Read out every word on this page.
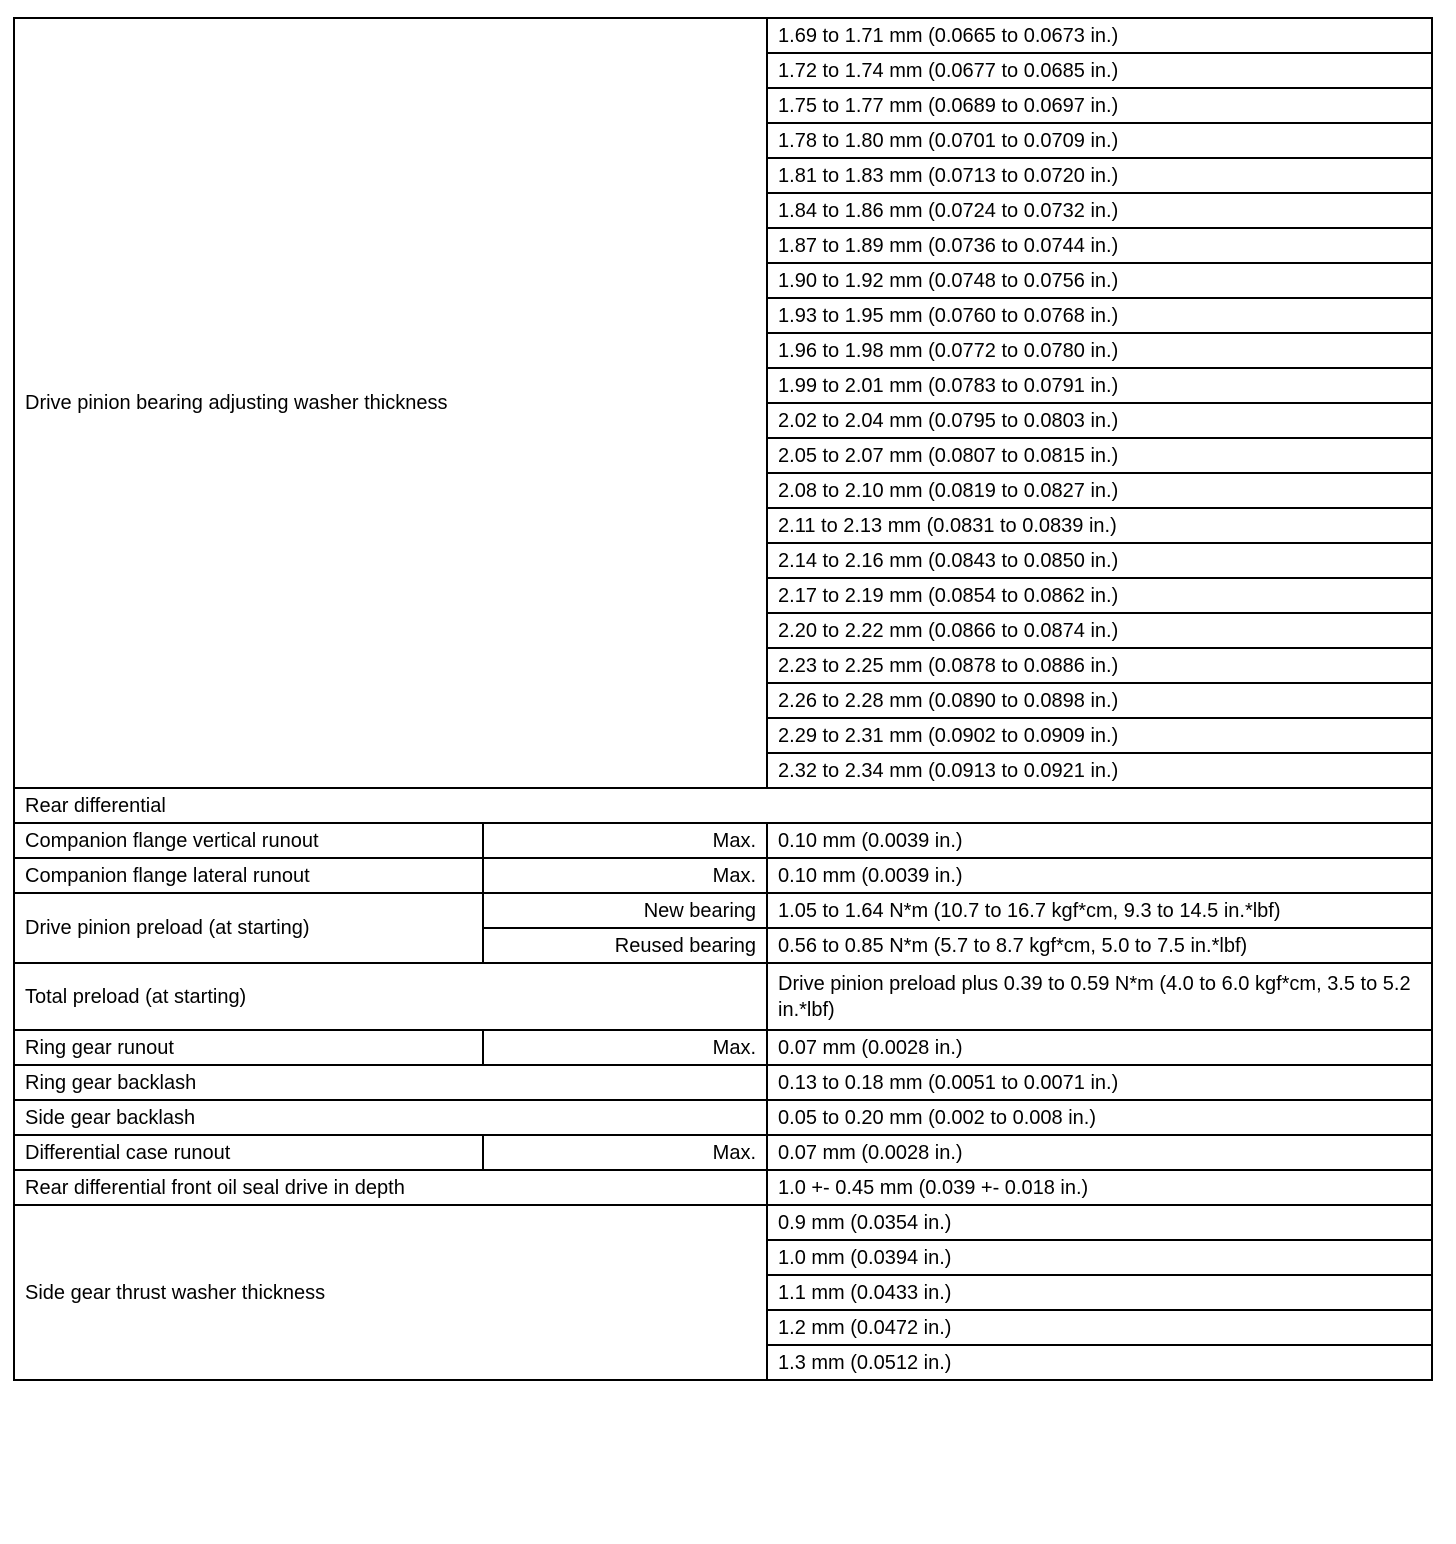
Drive pinion bearing adjusting washer thickness		1.69 to 1.71 mm (0.0665 to 0.0673 in.)
		1.72 to 1.74 mm (0.0677 to 0.0685 in.)
		1.75 to 1.77 mm (0.0689 to 0.0697 in.)
		1.78 to 1.80 mm (0.0701 to 0.0709 in.)
		1.81 to 1.83 mm (0.0713 to 0.0720 in.)
		1.84 to 1.86 mm (0.0724 to 0.0732 in.)
		1.87 to 1.89 mm (0.0736 to 0.0744 in.)
		1.90 to 1.92 mm (0.0748 to 0.0756 in.)
		1.93 to 1.95 mm (0.0760 to 0.0768 in.)
		1.96 to 1.98 mm (0.0772 to 0.0780 in.)
		1.99 to 2.01 mm (0.0783 to 0.0791 in.)
		2.02 to 2.04 mm (0.0795 to 0.0803 in.)
		2.05 to 2.07 mm (0.0807 to 0.0815 in.)
		2.08 to 2.10 mm (0.0819 to 0.0827 in.)
		2.11 to 2.13 mm (0.0831 to 0.0839 in.)
		2.14 to 2.16 mm (0.0843 to 0.0850 in.)
		2.17 to 2.19 mm (0.0854 to 0.0862 in.)
		2.20 to 2.22 mm (0.0866 to 0.0874 in.)
		2.23 to 2.25 mm (0.0878 to 0.0886 in.)
		2.26 to 2.28 mm (0.0890 to 0.0898 in.)
		2.29 to 2.31 mm (0.0902 to 0.0909 in.)
		2.32 to 2.34 mm (0.0913 to 0.0921 in.)
Rear differential		
Companion flange vertical runout	Max.	0.10 mm (0.0039 in.)
Companion flange lateral runout	Max.	0.10 mm (0.0039 in.)
Drive pinion preload (at starting)	New bearing	1.05 to 1.64 N*m (10.7 to 16.7 kgf*cm, 9.3 to 14.5 in.*lbf)
	Reused bearing	0.56 to 0.85 N*m (5.7 to 8.7 kgf*cm, 5.0 to 7.5 in.*lbf)
Total preload (at starting)		Drive pinion preload plus 0.39 to 0.59 N*m (4.0 to 6.0 kgf*cm, 3.5 to 5.2 in.*lbf)
Ring gear runout	Max.	0.07 mm (0.0028 in.)
Ring gear backlash		0.13 to 0.18 mm (0.0051 to 0.0071 in.)
Side gear backlash		0.05 to 0.20 mm (0.002 to 0.008 in.)
Differential case runout	Max.	0.07 mm (0.0028 in.)
Rear differential front oil seal drive in depth		1.0 +- 0.45 mm (0.039 +- 0.018 in.)
Side gear thrust washer thickness		0.9 mm (0.0354 in.)
		1.0 mm (0.0394 in.)
		1.1 mm (0.0433 in.)
		1.2 mm (0.0472 in.)
		1.3 mm (0.0512 in.)
